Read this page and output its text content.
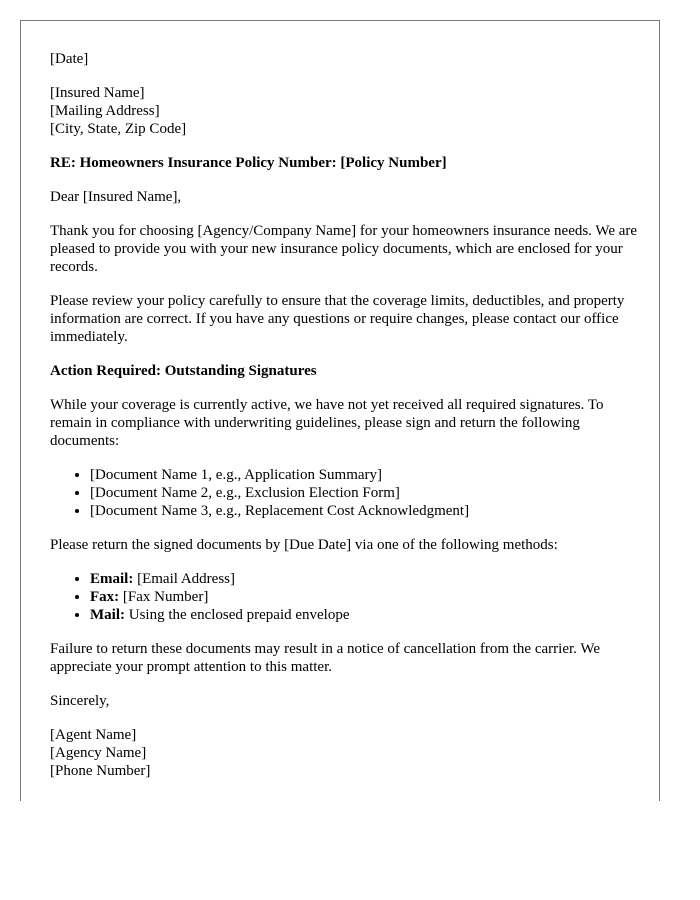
[Date]

[Insured Name]
[Mailing Address]
[City, State, Zip Code]

RE: Homeowners Insurance Policy Number: [Policy Number]

Dear [Insured Name],

Thank you for choosing [Agency/Company Name] for your homeowners insurance needs. We are pleased to provide you with your new insurance policy documents, which are enclosed for your records.

Please review your policy carefully to ensure that the coverage limits, deductibles, and property information are correct. If you have any questions or require changes, please contact our office immediately.

Action Required: Outstanding Signatures

While your coverage is currently active, we have not yet received all required signatures. To remain in compliance with underwriting guidelines, please sign and return the following documents:

• [Document Name 1, e.g., Application Summary]
• [Document Name 2, e.g., Exclusion Election Form]
• [Document Name 3, e.g., Replacement Cost Acknowledgment]

Please return the signed documents by [Due Date] via one of the following methods:

• Email: [Email Address]
• Fax: [Fax Number]
• Mail: Using the enclosed prepaid envelope

Failure to return these documents may result in a notice of cancellation from the carrier. We appreciate your prompt attention to this matter.

Sincerely,

[Agent Name]
[Agency Name]
[Phone Number]
